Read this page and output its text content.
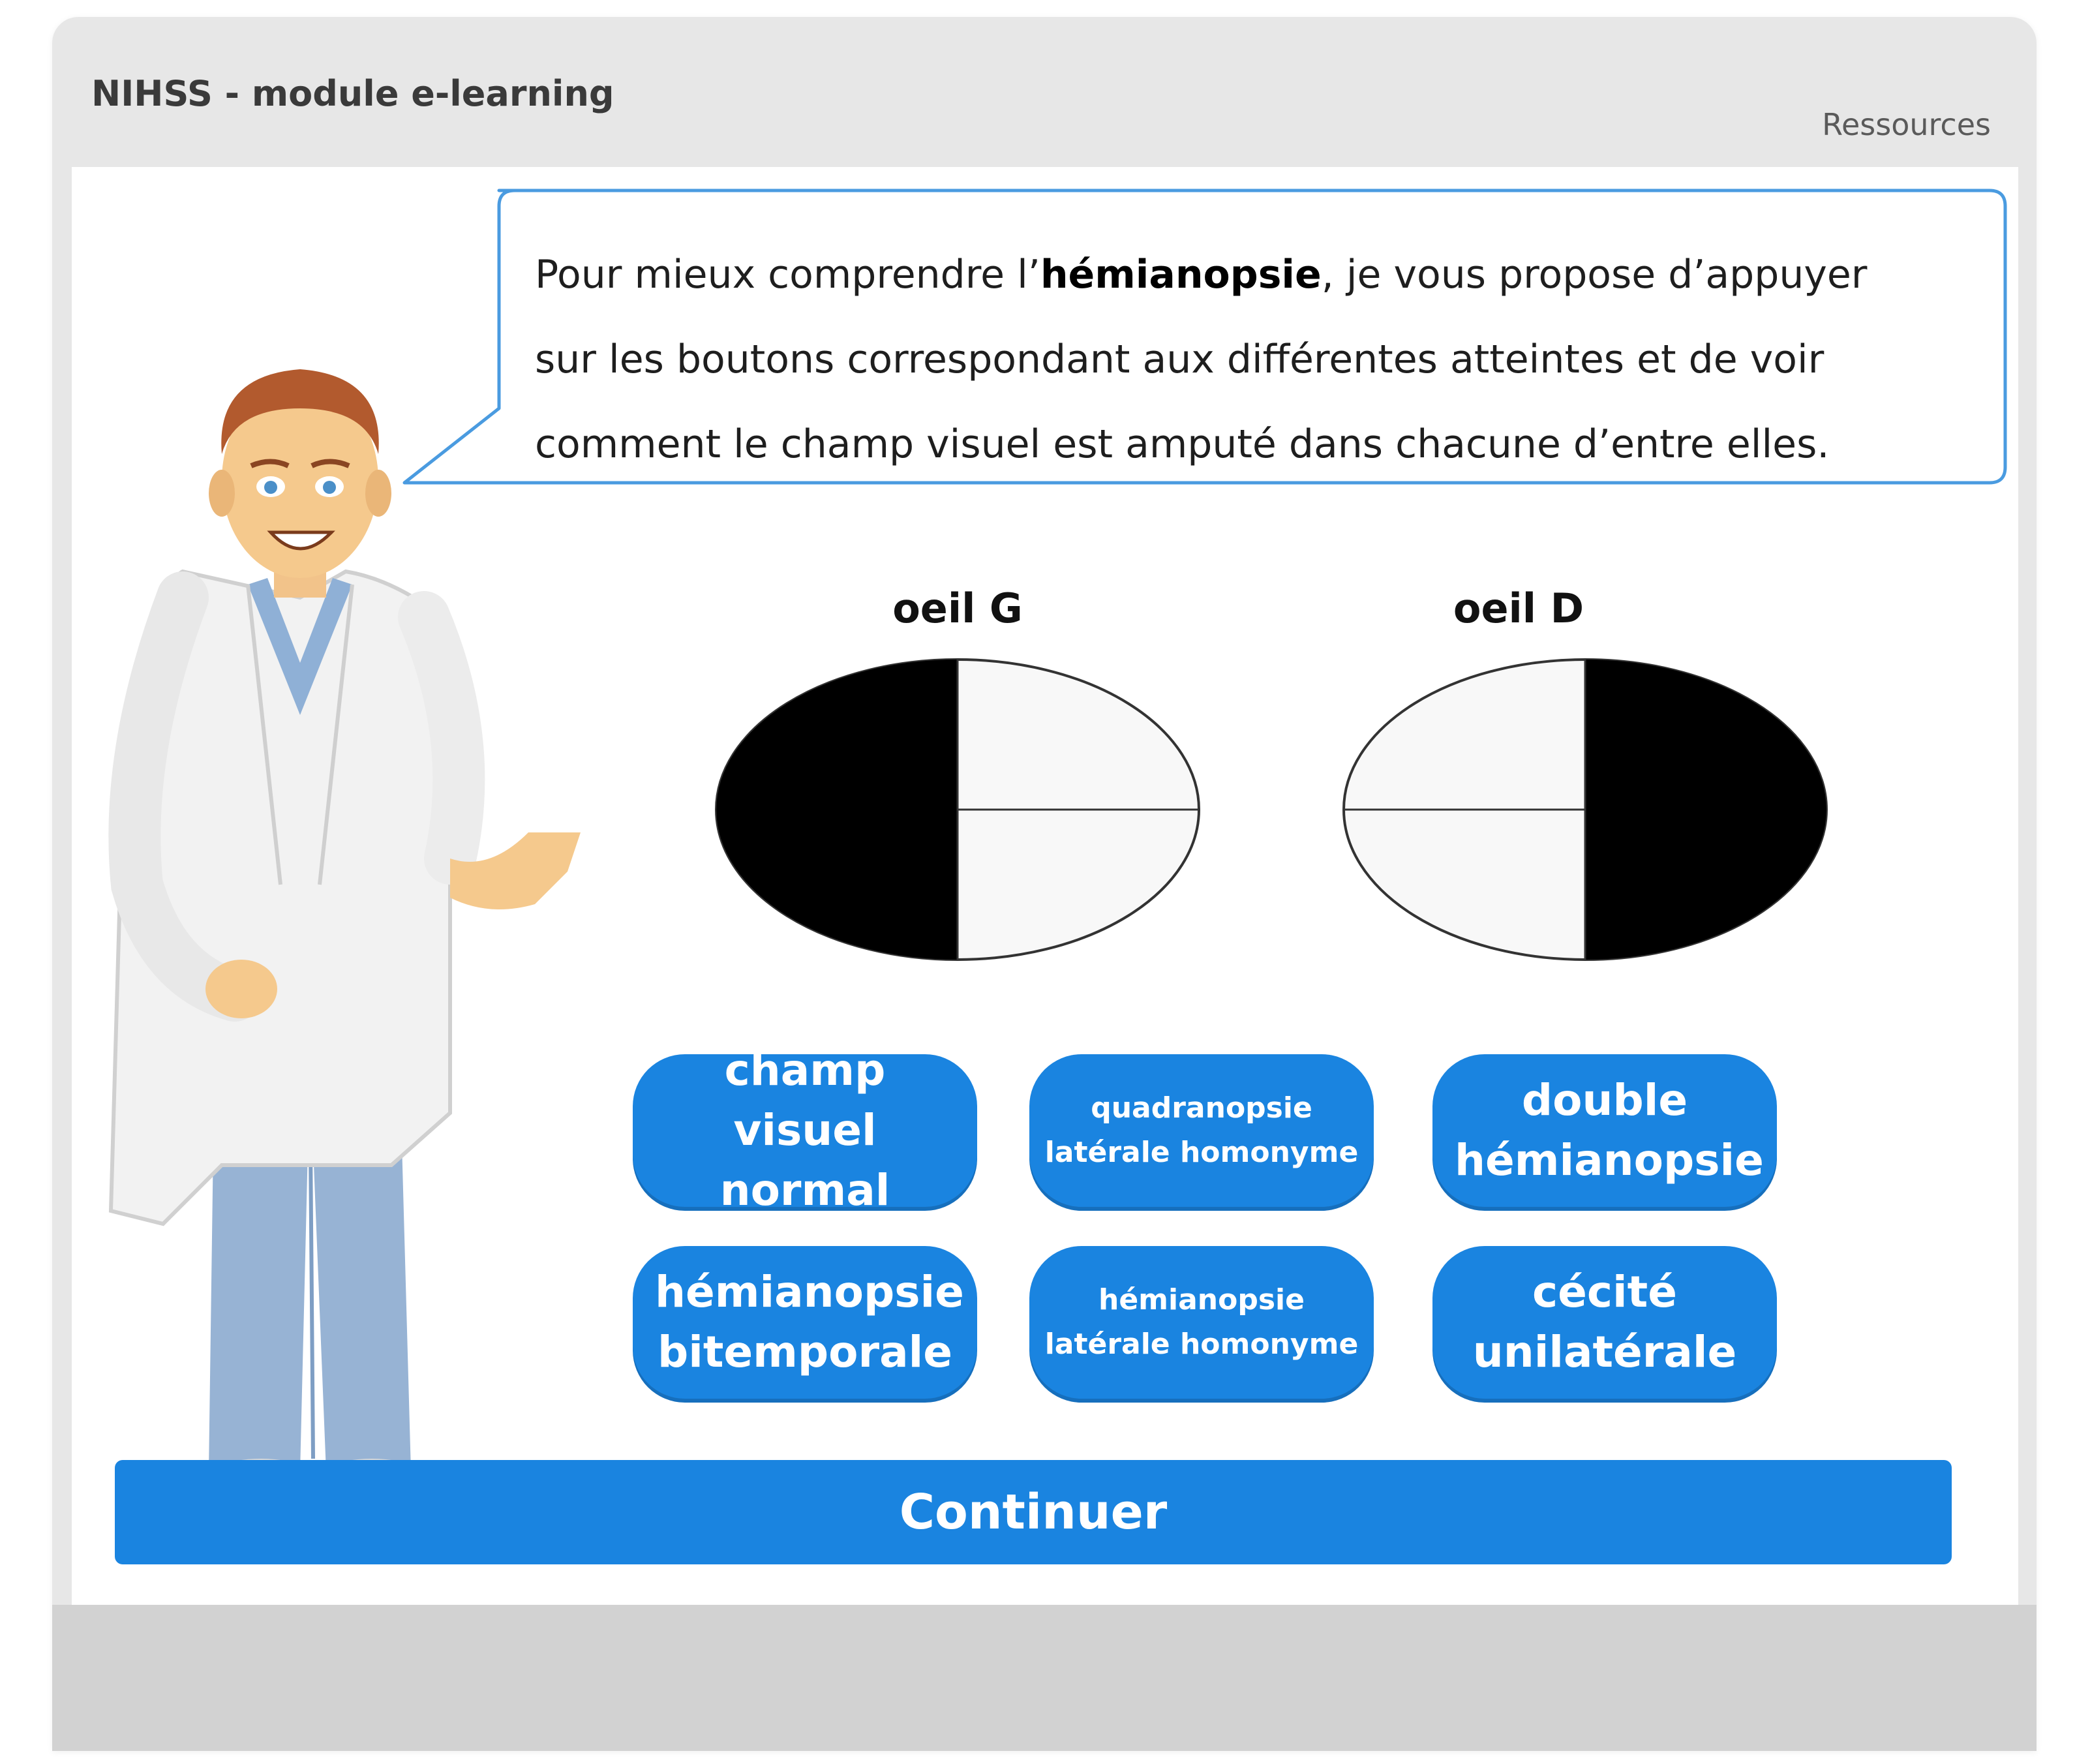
NIHSS - module e-learning
Ressources
Pour mieux comprendre l’hémianopsie, je vous propose d’appuyer sur les boutons correspondant aux différentes atteintes et de voir comment le champ visuel est amputé dans chacune d’entre elles.
oeil G	oeil D
champ visuel normal
quadranopsie latérale homonyme
double hémianopsie
hémianopsie bitemporale
hémianopsie latérale homonyme
cécité unilatérale
Continuer
